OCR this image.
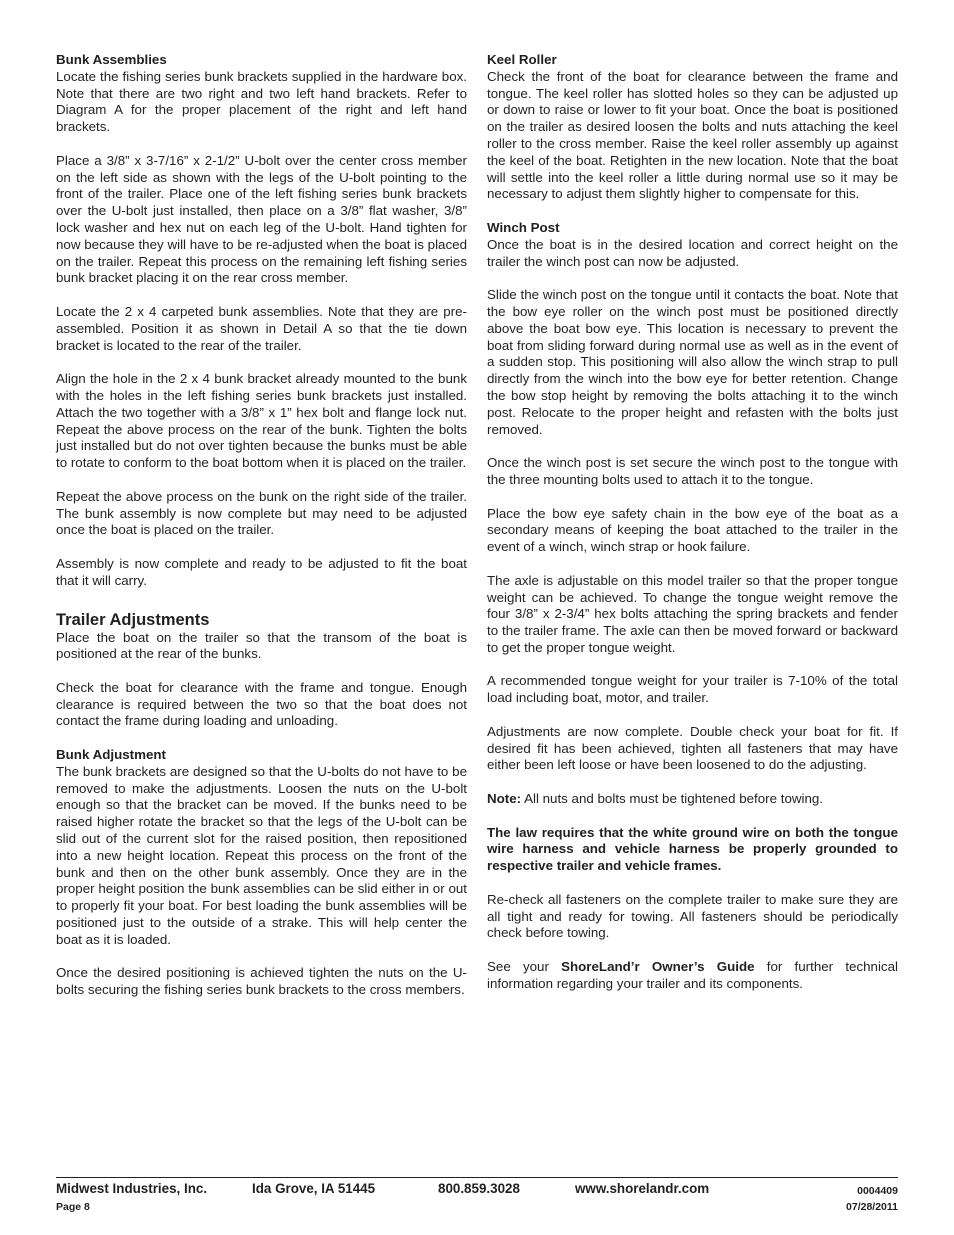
Bunk Assemblies

Locate the fishing series bunk brackets supplied in the hardware box. Note that there are two right and two left hand brackets. Refer to Diagram A for the proper placement of the right and left hand brackets.

Place a 3/8” x 3-7/16” x 2-1/2” U-bolt over the center cross member on the left side as shown with the legs of the U-bolt pointing to the front of the trailer. Place one of the left fishing series bunk brackets over the U-bolt just installed, then place on a 3/8” flat washer, 3/8” lock washer and hex nut on each leg of the U-bolt. Hand tighten for now because they will have to be re-adjusted when the boat is placed on the trailer. Repeat this process on the remaining left fishing series bunk bracket placing it on the rear cross member.

Locate the 2 x 4 carpeted bunk assemblies. Note that they are pre-assembled. Position it as shown in Detail A so that the tie down bracket is located to the rear of the trailer.

Align the hole in the 2 x 4 bunk bracket already mounted to the bunk with the holes in the left fishing series bunk brackets just installed. Attach the two together with a 3/8” x 1” hex bolt and flange lock nut. Repeat the above process on the rear of the bunk. Tighten the bolts just installed but do not over tighten because the bunks must be able to rotate to conform to the boat bottom when it is placed on the trailer.

Repeat the above process on the bunk on the right side of the trailer. The bunk assembly is now complete but may need to be adjusted once the boat is placed on the trailer.

Assembly is now complete and ready to be adjusted to fit the boat that it will carry.

Trailer Adjustments

Place the boat on the trailer so that the transom of the boat is positioned at the rear of the bunks.

Check the boat for clearance with the frame and tongue. Enough clearance is required between the two so that the boat does not contact the frame during loading and unloading.

Bunk Adjustment

The bunk brackets are designed so that the U-bolts do not have to be removed to make the adjustments. Loosen the nuts on the U-bolt enough so that the bracket can be moved. If the bunks need to be raised higher rotate the bracket so that the legs of the U-bolt can be slid out of the current slot for the raised position, then repositioned into a new height location. Repeat this process on the front of the bunk and then on the other bunk assembly. Once they are in the proper height position the bunk assemblies can be slid either in or out to properly fit your boat. For best loading the bunk assemblies will be positioned just to the outside of a strake. This will help center the boat as it is loaded.

Once the desired positioning is achieved tighten the nuts on the U-bolts securing the fishing series bunk brackets to the cross members.

Keel Roller

Check the front of the boat for clearance between the frame and tongue. The keel roller has slotted holes so they can be adjusted up or down to raise or lower to fit your boat. Once the boat is positioned on the trailer as desired loosen the bolts and nuts attaching the keel roller to the cross member. Raise the keel roller assembly up against the keel of the boat. Retighten in the new location. Note that the boat will settle into the keel roller a little during normal use so it may be necessary to adjust them slightly higher to compensate for this.

Winch Post

Once the boat is in the desired location and correct height on the trailer the winch post can now be adjusted.

Slide the winch post on the tongue until it contacts the boat. Note that the bow eye roller on the winch post must be positioned directly above the boat bow eye. This location is necessary to prevent the boat from sliding forward during normal use as well as in the event of a sudden stop. This positioning will also allow the winch strap to pull directly from the winch into the bow eye for better retention. Change the bow stop height by removing the bolts attaching it to the winch post. Relocate to the proper height and refasten with the bolts just removed.

Once the winch post is set secure the winch post to the tongue with the three mounting bolts used to attach it to the tongue.

Place the bow eye safety chain in the bow eye of the boat as a secondary means of keeping the boat attached to the trailer in the event of a winch, winch strap or hook failure.

The axle is adjustable on this model trailer so that the proper tongue weight can be achieved. To change the tongue weight remove the four 3/8” x 2-3/4” hex bolts attaching the spring brackets and fender to the trailer frame. The axle can then be moved forward or backward to get the proper tongue weight.

A recommended tongue weight for your trailer is 7-10% of the total load including boat, motor, and trailer.

Adjustments are now complete. Double check your boat for fit. If desired fit has been achieved, tighten all fasteners that may have either been left loose or have been loosened to do the adjusting.

Note: All nuts and bolts must be tightened before towing.

The law requires that the white ground wire on both the tongue wire harness and vehicle harness be properly grounded to respective trailer and vehicle frames.

Re-check all fasteners on the complete trailer to make sure they are all tight and ready for towing. All fasteners should be periodically check before towing.

See your ShoreLand’r Owner’s Guide for further technical information regarding your trailer and its components.

Midwest Industries, Inc.	Ida Grove, IA 51445	800.859.3028	www.shorelandr.com	0004409
Page 8	07/28/2011
